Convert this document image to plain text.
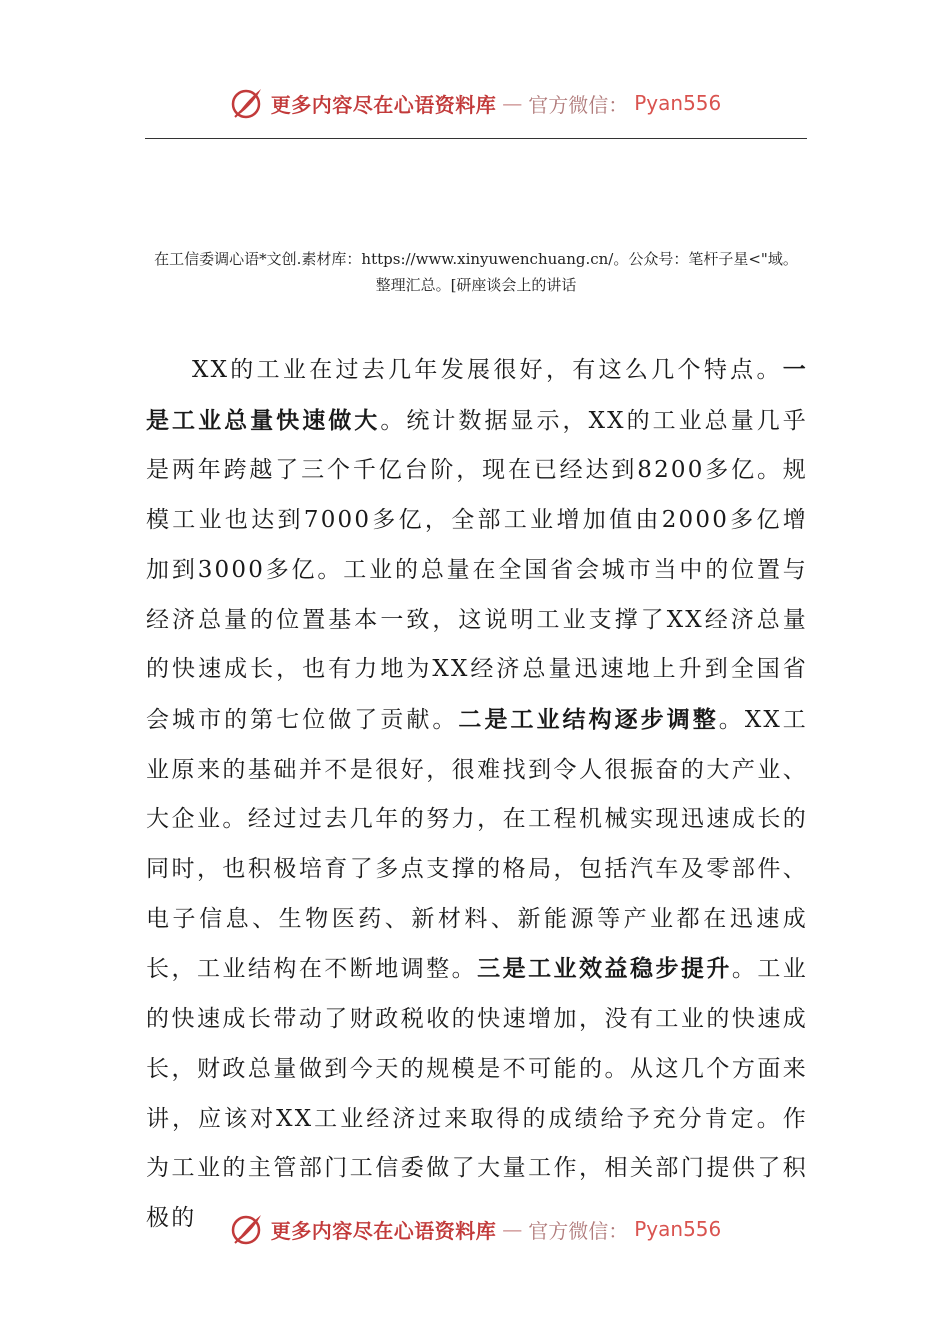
更多内容尽在心语资料库 — 官方微信： Pyan556
在工信委调心语*文创.素材库：https://www.xinyuwenchuang.cn/。公众号：笔杆子星<"域。
整理汇总。[研座谈会上的讲话

XX的工业在过去几年发展很好，有这么几个特点。一是工业总量快速做大。统计数据显示，XX的工业总量几乎是两年跨越了三个千亿台阶，现在已经达到8200多亿。规模工业也达到7000多亿，全部工业增加值由2000多亿增加到3000多亿。工业的总量在全国省会城市当中的位置与经济总量的位置基本一致，这说明工业支撑了XX经济总量的快速成长，也有力地为XX经济总量迅速地上升到全国省会城市的第七位做了贡献。二是工业结构逐步调整。XX工业原来的基础并不是很好，很难找到令人很振奋的大产业、大企业。经过过去几年的努力，在工程机械实现迅速成长的同时，也积极培育了多点支撑的格局，包括汽车及零部件、电子信息、生物医药、新材料、新能源等产业都在迅速成长，工业结构在不断地调整。三是工业效益稳步提升。工业的快速成长带动了财政税收的快速增加，没有工业的快速成长，财政总量做到今天的规模是不可能的。从这几个方面来讲，应该对XX工业经济过来取得的成绩给予充分肯定。作为工业的主管部门工信委做了大量工作，相关部门提供了积极的	更多内容尽在心语资料库 — 官方微信： Pyan556
